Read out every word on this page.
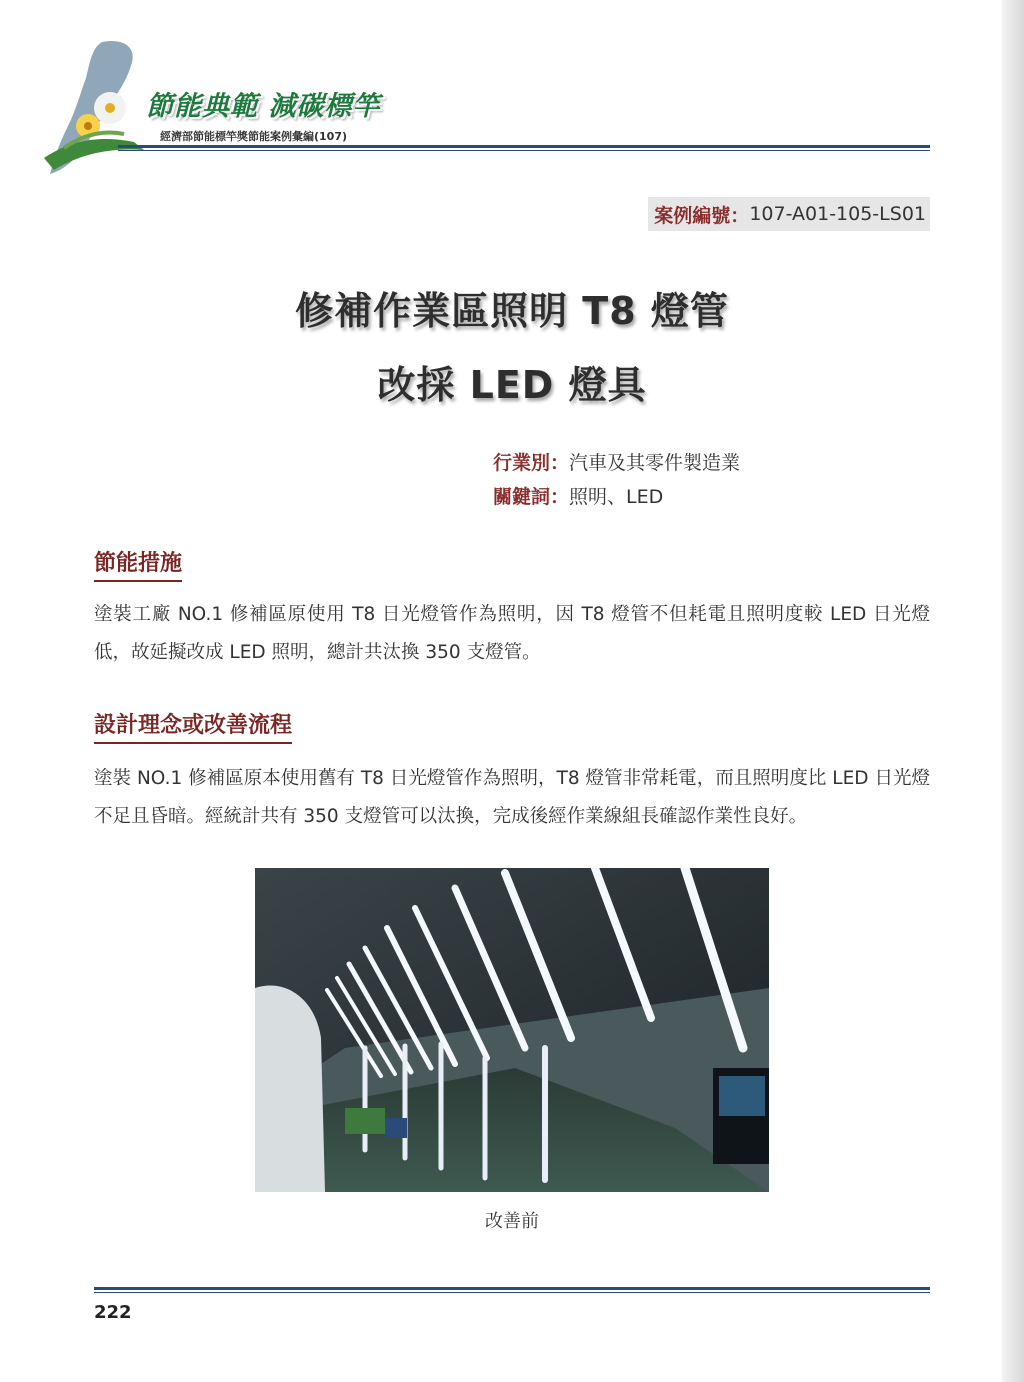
節能典範 減碳標竿
經濟部節能標竿獎節能案例彙編(107)
案例編號： 107-A01-105-LS01
修補作業區照明 T8 燈管
改採 LED 燈具
行業別：汽車及其零件製造業
關鍵詞：照明、LED
節能措施
塗裝工廠 NO.1 修補區原使用 T8 日光燈管作為照明，因 T8 燈管不但耗電且照明度較 LED 日光燈低，故延擬改成 LED 照明，總計共汰換 350 支燈管。
設計理念或改善流程
塗裝 NO.1 修補區原本使用舊有 T8 日光燈管作為照明，T8 燈管非常耗電，而且照明度比 LED 日光燈不足且昏暗。經統計共有 350 支燈管可以汰換，完成後經作業線組長確認作業性良好。
改善前
222
